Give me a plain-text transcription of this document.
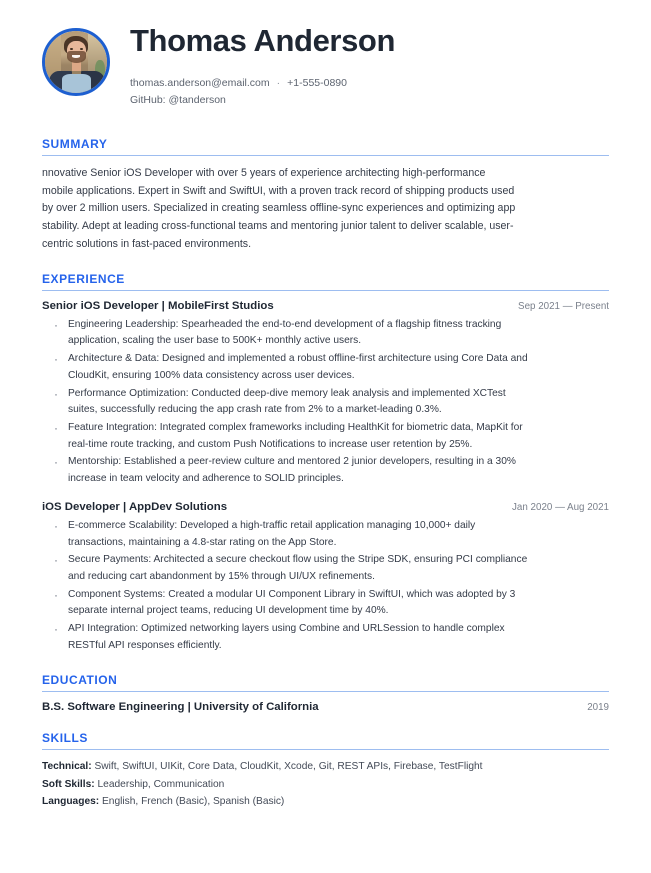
Thomas Anderson
thomas.anderson@email.com · +1-555-0890
GitHub: @tanderson
SUMMARY
nnovative Senior iOS Developer with over 5 years of experience architecting high-performance mobile applications. Expert in Swift and SwiftUI, with a proven track record of shipping products used by over 2 million users. Specialized in creating seamless offline-sync experiences and optimizing app stability. Adept at leading cross-functional teams and mentoring junior talent to deliver scalable, user-centric solutions in fast-paced environments.
EXPERIENCE
Senior iOS Developer | MobileFirst Studios	Sep 2021 — Present
· Engineering Leadership: Spearheaded the end-to-end development of a flagship fitness tracking application, scaling the user base to 500K+ monthly active users.
· Architecture & Data: Designed and implemented a robust offline-first architecture using Core Data and CloudKit, ensuring 100% data consistency across user devices.
· Performance Optimization: Conducted deep-dive memory leak analysis and implemented XCTest suites, successfully reducing the app crash rate from 2% to a market-leading 0.3%.
· Feature Integration: Integrated complex frameworks including HealthKit for biometric data, MapKit for real-time route tracking, and custom Push Notifications to increase user retention by 25%.
· Mentorship: Established a peer-review culture and mentored 2 junior developers, resulting in a 30% increase in team velocity and adherence to SOLID principles.
iOS Developer | AppDev Solutions	Jan 2020 — Aug 2021
· E-commerce Scalability: Developed a high-traffic retail application managing 10,000+ daily transactions, maintaining a 4.8-star rating on the App Store.
· Secure Payments: Architected a secure checkout flow using the Stripe SDK, ensuring PCI compliance and reducing cart abandonment by 15% through UI/UX refinements.
· Component Systems: Created a modular UI Component Library in SwiftUI, which was adopted by 3 separate internal project teams, reducing UI development time by 40%.
· API Integration: Optimized networking layers using Combine and URLSession to handle complex RESTful API responses efficiently.
EDUCATION
B.S. Software Engineering | University of California	2019
SKILLS
Technical: Swift, SwiftUI, UIKit, Core Data, CloudKit, Xcode, Git, REST APIs, Firebase, TestFlight
Soft Skills: Leadership, Communication
Languages: English, French (Basic), Spanish (Basic)
